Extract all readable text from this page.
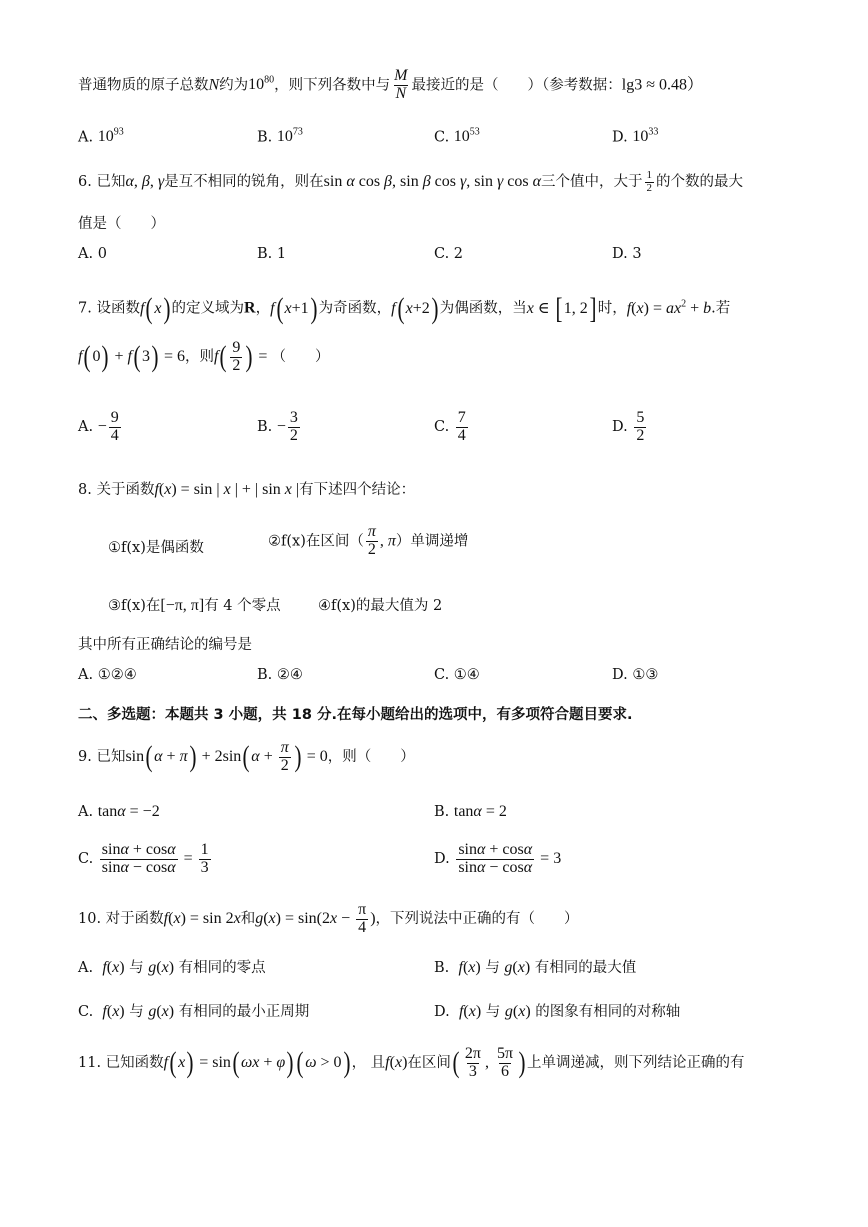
普通物质的原子总数N约为$10^{80}$，则下列各数中与 $\frac{M}{N}$ 最接近的是（　　）（参考数据：lg3 ≈ 0.48）
A. $10^{93}$	B. $10^{73}$	C. $10^{53}$	D. $10^{33}$
6. 已知α, β, γ是互不相同的锐角，则在sin α cos β, sin β cos γ, sin γ cos α三个值中，大于 $\frac{1}{2}$ 的个数的最大
值是（　　）
A. 0	B. 1	C. 2	D. 3
7. 设函数f(x) 的定义域为R，f(x+1) 为奇函数，f(x+2) 为偶函数，当x ∈ [1, 2] 时，$f(x) = ax^2 + b$.若
f(0) + f(3) = 6，则$f( \frac{9}{2}$ ) = （　　）
A. − $\frac{9}{4}$	B. − $\frac{3}{2}$	C. $\frac{7}{4}$	D. $\frac{5}{2}$
8. 关于函数f(x) = sin | x | + | sin x |有下述四个结论：
①f(x)是偶函数	②f(x)在区间（ $\frac{\pi}{2}$ , π）单调递增
③f(x)在[−π, π]有 4 个零点	④f(x)的最大值为 2
其中所有正确结论的编号是
A. ①②④	B. ②④	C. ①④	D. ①③
二、多选题：本题共 3 小题，共 18 分.在每小题给出的选项中，有多项符合题目要求.
9. 已知$\sin(\alpha + \pi) + 2\sin(\alpha + \frac{\pi}{2}$ ) = 0，则（　　）
A. tanα = −2	B. tanα = 2
C. $\frac{\sin\alpha + \cos\alpha}{\sin\alpha - \cos\alpha} = \frac{1}{3}$	D. $\frac{\sin\alpha + \cos\alpha}{\sin\alpha - \cos\alpha} = 3$
10. 对于函数f(x) = sin 2x和$g(x) = \sin(2x - \frac{\pi}{4}$ )，下列说法中正确的有（　　）
A. f(x) 与 g(x) 有相同的零点	B. f(x) 与 g(x) 有相同的最大值
C. f(x) 与 g(x) 有相同的最小正周期	D. f(x) 与 g(x) 的图象有相同的对称轴
11. 已知函数f(x) = sin(ωx + φ) (ω > 0) ， 且f(x)在区间( $\frac{2\pi}{3}$ , $\frac{5\pi}{6}$ ) 上单调递减，则下列结论正确的有
